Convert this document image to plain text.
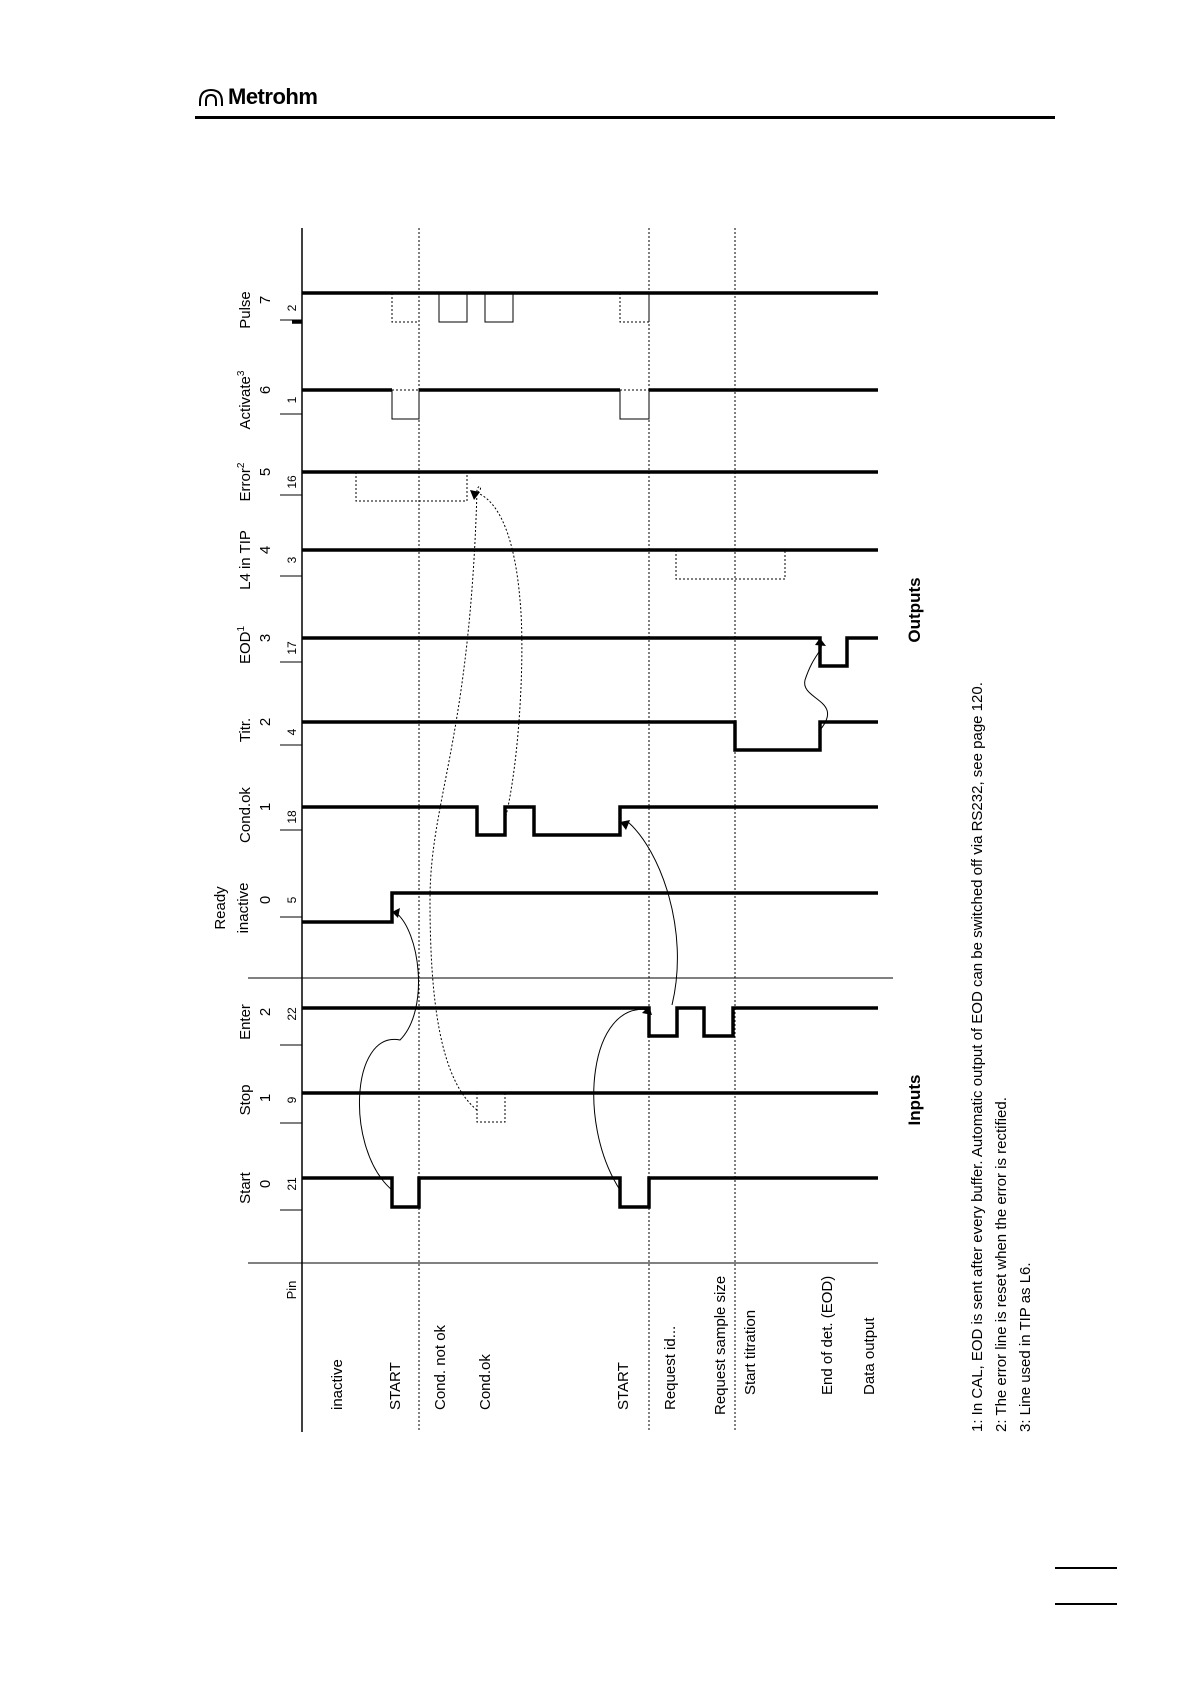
Metrohm
Pulse 7
2
Activate$^3$
6
1
Error$^2$
5
16
L4 in TIP 4
3
EOD$^1$
3
17
Titr. 2
4
Cond.ok 1
18
Ready inactive 0 5
Enter 2 22
Stop 1 9
Start 0 21
Pin
inactive	START Cond. not ok Cond.ok	START Request id... Request sample size Start titration	End of det. (EOD) Data output
Inputs
Outputs
1: In CAL, EOD is sent after every buffer. Automatic output of EOD can be switched off via RS232, see page 120. 2: The error line is reset when the error is rectified. 3: Line used in TIP as L6.
